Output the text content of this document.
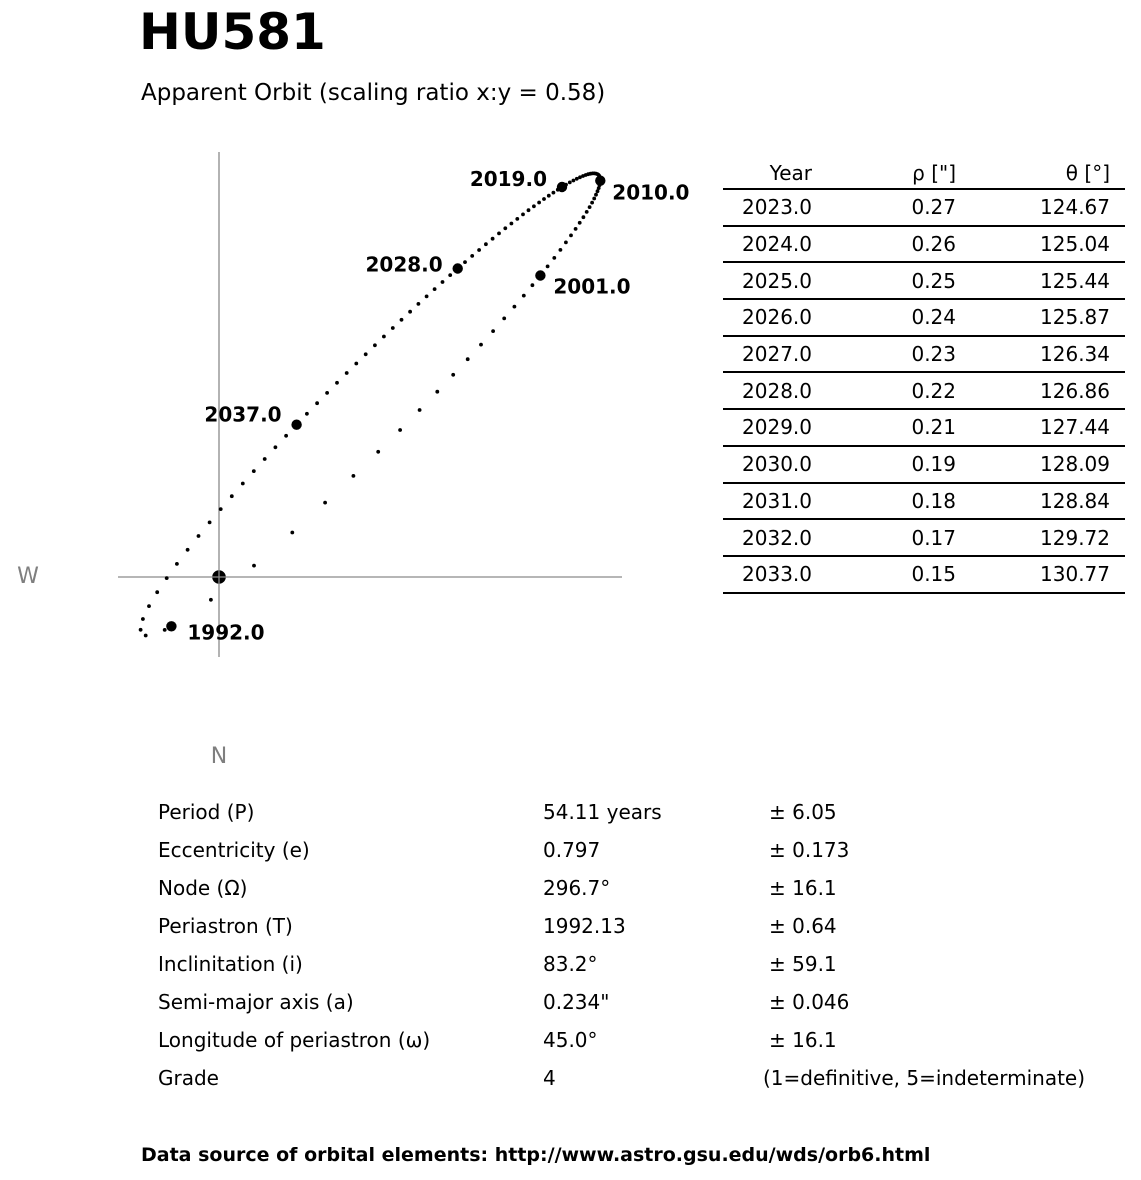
HU581
Apparent Orbit (scaling ratio x:y = 0.58)
W
N
1992.0
2001.0
2010.0
2019.0
2028.0
2037.0
Year	ρ ["]	θ [°]
2023.0	0.27	124.67
2024.0	0.26	125.04
2025.0	0.25	125.44
2026.0	0.24	125.87
2027.0	0.23	126.34
2028.0	0.22	126.86
2029.0	0.21	127.44
2030.0	0.19	128.09
2031.0	0.18	128.84
2032.0	0.17	129.72
2033.0	0.15	130.77
Period (P)	54.11 years	± 6.05
Eccentricity (e)	0.797	± 0.173
Node (Ω)	296.7°	± 16.1
Periastron (T)	1992.13	± 0.64
Inclinitation (i)	83.2°	± 59.1
Semi-major axis (a)	0.234"	± 0.046
Longitude of periastron (ω)	45.0°	± 16.1
Grade	4	(1=definitive, 5=indeterminate)
Data source of orbital elements: http://www.astro.gsu.edu/wds/orb6.html
